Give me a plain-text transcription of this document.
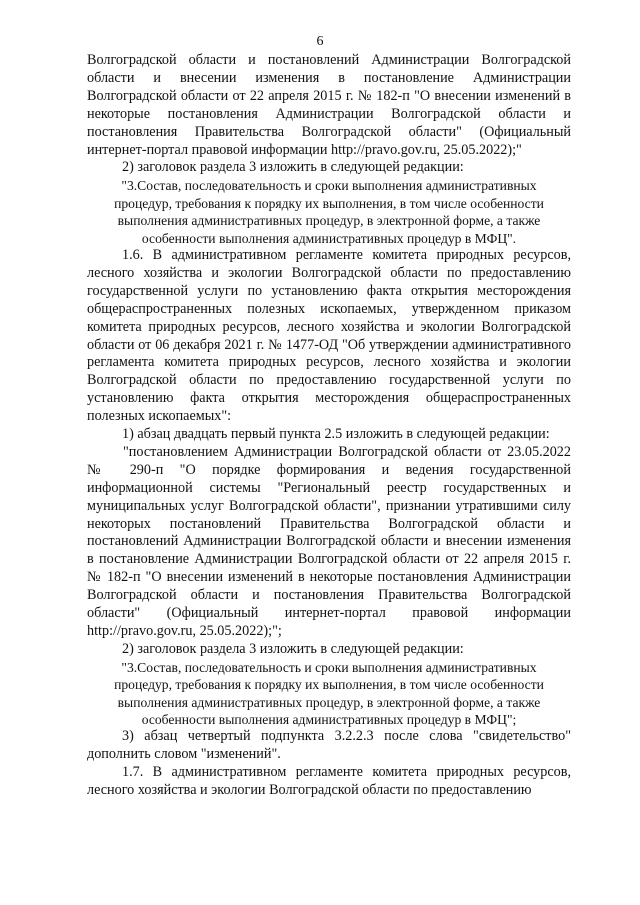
6

Волгоградской области и постановлений Администрации Волгоградской области и внесении изменения в постановление Администрации Волгоградской области от 22 апреля 2015 г. № 182-п "О внесении изменений в некоторые постановления Администрации Волгоградской области и постановления Правительства Волгоградской области" (Официальный интернет-портал правовой информации http://pravo.gov.ru, 25.05.2022);"

2) заголовок раздела 3 изложить в следующей редакции:

"3.Состав, последовательность и сроки выполнения административных процедур, требования к порядку их выполнения, в том числе особенности выполнения административных процедур, в электронной форме, а также особенности выполнения административных процедур в МФЦ".

1.6. В административном регламенте комитета природных ресурсов, лесного хозяйства и экологии Волгоградской области по предоставлению государственной услуги по установлению факта открытия месторождения общераспространенных полезных ископаемых, утвержденном приказом комитета природных ресурсов, лесного хозяйства и экологии Волгоградской области от 06 декабря 2021 г. № 1477-ОД "Об утверждении административного регламента комитета природных ресурсов, лесного хозяйства и экологии Волгоградской области по предоставлению государственной услуги по установлению факта открытия месторождения общераспространенных полезных ископаемых":

1) абзац двадцать первый пункта 2.5 изложить в следующей редакции:

"постановлением Администрации Волгоградской области от 23.05.2022 № 290-п "О порядке формирования и ведения государственной информационной системы "Региональный реестр государственных и муниципальных услуг Волгоградской области", признании утратившими силу некоторых постановлений Правительства Волгоградской области и постановлений Администрации Волгоградской области и внесении изменения в постановление Администрации Волгоградской области от 22 апреля 2015 г. № 182-п "О внесении изменений в некоторые постановления Администрации Волгоградской области и постановления Правительства Волгоградской области" (Официальный интернет-портал правовой информации http://pravo.gov.ru, 25.05.2022);";

2) заголовок раздела 3 изложить в следующей редакции:

"3.Состав, последовательность и сроки выполнения административных процедур, требования к порядку их выполнения, в том числе особенности выполнения административных процедур, в электронной форме, а также особенности выполнения административных процедур в МФЦ";

3) абзац четвертый подпункта 3.2.2.3 после слова "свидетельство" дополнить словом "изменений".

1.7. В административном регламенте комитета природных ресурсов, лесного хозяйства и экологии Волгоградской области по предоставлению
